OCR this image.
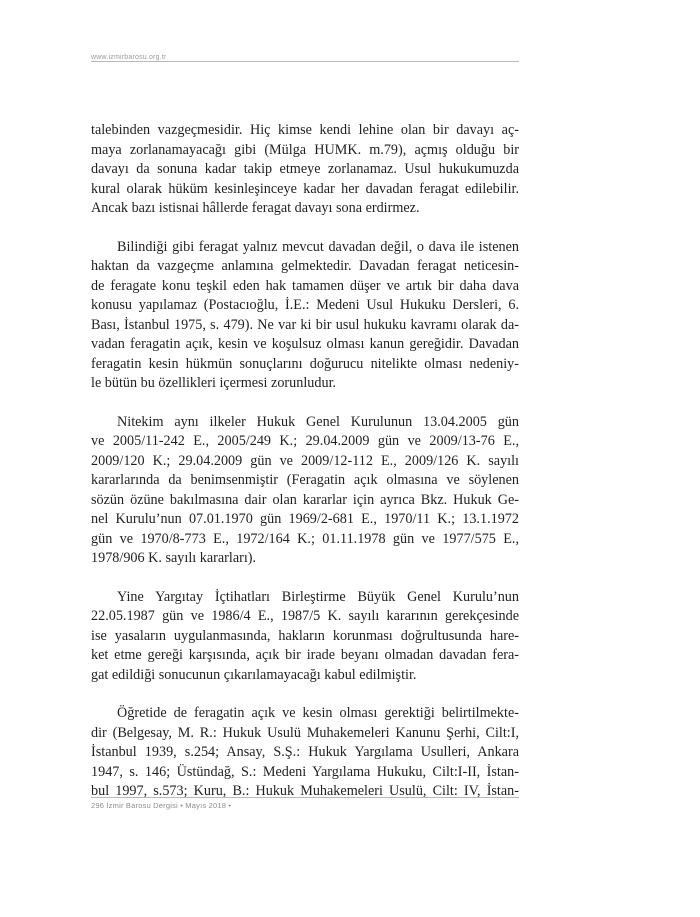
www.izmirbarosu.org.tr
talebinden vazgeçmesidir. Hiç kimse kendi lehine olan bir davayı aç-
maya zorlanamayacağı gibi (Mülga HUMK. m.79), açmış olduğu bir
davayı da sonuna kadar takip etmeye zorlanamaz. Usul hukukumuzda
kural olarak hüküm kesinleşinceye kadar her davadan feragat edilebilir.
Ancak bazı istisnai hâllerde feragat davayı sona erdirmez.
Bilindiği gibi feragat yalnız mevcut davadan değil, o dava ile istenen
haktan da vazgeçme anlamına gelmektedir. Davadan feragat neticesin-
de feragate konu teşkil eden hak tamamen düşer ve artık bir daha dava
konusu yapılamaz (Postacıoğlu, İ.E.: Medeni Usul Hukuku Dersleri, 6.
Bası, İstanbul 1975, s. 479). Ne var ki bir usul hukuku kavramı olarak da-
vadan feragatin açık, kesin ve koşulsuz olması kanun gereğidir. Davadan
feragatin kesin hükmün sonuçlarını doğurucu nitelikte olması nedeniy-
le bütün bu özellikleri içermesi zorunludur.
Nitekim aynı ilkeler Hukuk Genel Kurulunun 13.04.2005 gün
ve 2005/11-242 E., 2005/249 K.; 29.04.2009 gün ve 2009/13-76 E.,
2009/120 K.; 29.04.2009 gün ve 2009/12-112 E., 2009/126 K. sayılı
kararlarında da benimsenmiştir (Feragatin açık olmasına ve söylenen
sözün özüne bakılmasına dair olan kararlar için ayrıca Bkz. Hukuk Ge-
nel Kurulu’nun 07.01.1970 gün 1969/2-681 E., 1970/11 K.; 13.1.1972
gün ve 1970/8-773 E., 1972/164 K.; 01.11.1978 gün ve 1977/575 E.,
1978/906 K. sayılı kararları).
Yine Yargıtay İçtihatları Birleştirme Büyük Genel Kurulu’nun
22.05.1987 gün ve 1986/4 E., 1987/5 K. sayılı kararının gerekçesinde
ise yasaların uygulanmasında, hakların korunması doğrultusunda hare-
ket etme gereği karşısında, açık bir irade beyanı olmadan davadan fera-
gat edildiği sonucunun çıkarılamayacağı kabul edilmiştir.
Öğretide de feragatin açık ve kesin olması gerektiği belirtilmekte-
dir (Belgesay, M. R.: Hukuk Usulü Muhakemeleri Kanunu Şerhi, Cilt:I,
İstanbul 1939, s.254; Ansay, S.Ş.: Hukuk Yargılama Usulleri, Ankara
1947, s. 146; Üstündağ, S.: Medeni Yargılama Hukuku, Cilt:I-II, İstan-
bul 1997, s.573; Kuru, B.: Hukuk Muhakemeleri Usulü, Cilt: IV, İstan-
296 İzmir Barosu Dergisi • Mayıs 2018 •
